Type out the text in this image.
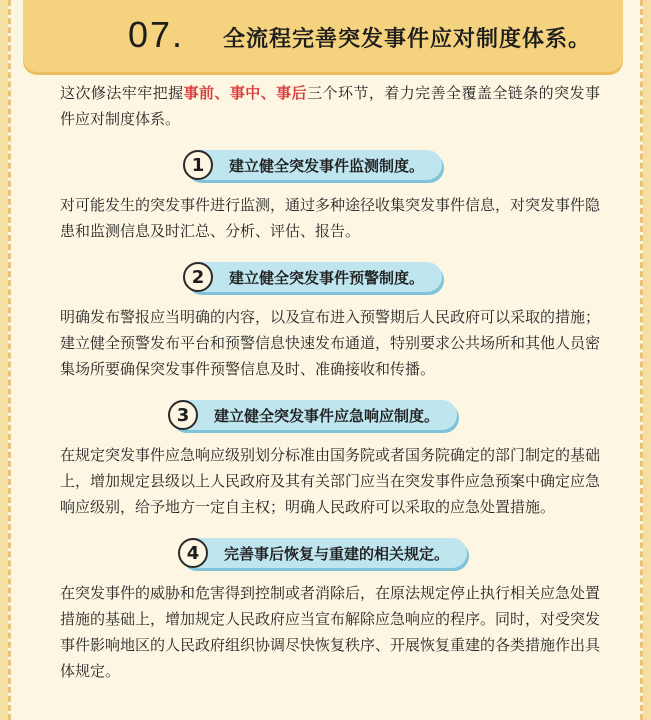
07. 全流程完善突发事件应对制度体系。

这次修法牢牢把握事前、事中、事后三个环节，着力完善全覆盖全链条的突发事件应对制度体系。

1	建立健全突发事件监测制度。

对可能发生的突发事件进行监测，通过多种途径收集突发事件信息，对突发事件隐患和监测信息及时汇总、分析、评估、报告。

2	建立健全突发事件预警制度。

明确发布警报应当明确的内容，以及宣布进入预警期后人民政府可以采取的措施；建立健全预警发布平台和预警信息快速发布通道，特别要求公共场所和其他人员密集场所要确保突发事件预警信息及时、准确接收和传播。

3	建立健全突发事件应急响应制度。

在规定突发事件应急响应级别划分标准由国务院或者国务院确定的部门制定的基础上，增加规定县级以上人民政府及其有关部门应当在突发事件应急预案中确定应急响应级别，给予地方一定自主权；明确人民政府可以采取的应急处置措施。

4	完善事后恢复与重建的相关规定。

在突发事件的威胁和危害得到控制或者消除后，在原法规定停止执行相关应急处置措施的基础上，增加规定人民政府应当宣布解除应急响应的程序。同时，对受突发事件影响地区的人民政府组织协调尽快恢复秩序、开展恢复重建的各类措施作出具体规定。
